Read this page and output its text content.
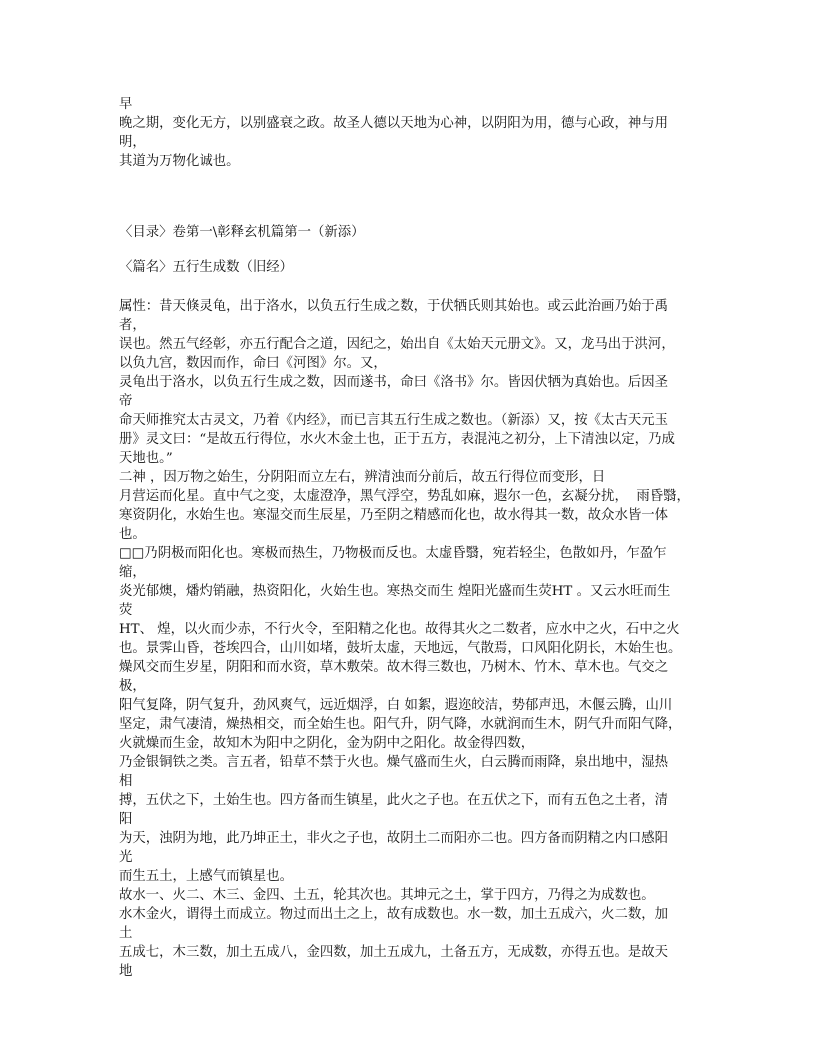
早
晚之期，变化无方，以别盛衰之政。故圣人德以天地为心神，以阴阳为用，德与心政，神与用
明，
其道为万物化诚也。
〈目录〉卷第一\彰释玄机篇第一（新添）
〈篇名〉五行生成数（旧经）
属性：昔天倏灵龟，出于洛水，以负五行生成之数，于伏牺氏则其始也。或云此治画乃始于禹
者，
误也。然五气经彰，亦五行配合之道，因纪之，始出自《太始天元册文》。又，龙马出于洪河，
以负九宫，数因而作，命曰《河图》尔。又，
灵龟出于洛水，以负五行生成之数，因而遂书，命曰《洛书》尔。皆因伏牺为真始也。后因圣
帝
命天师推究太古灵文，乃着《内经》，而已言其五行生成之数也。（新添）又，按《太古天元玉
册》灵文曰：“是故五行得位，水火木金土也，正于五方，表混沌之初分，上下清浊以定，乃成
天地也。”
二神 ，因万物之始生，分阴阳而立左右，辨清浊而分前后，故五行得位而变形，日
月营运而化星。直中气之变，太虚澄净，黑气浮空，势乱如麻，遐尔一色，玄凝分扰，  雨昏翳，
寒资阴化，水始生也。寒湿交而生辰星，乃至阴之精感而化也，故水得其一数，故众水皆一体
也。
□□乃阴极而阳化也。寒极而热生，乃物极而反也。太虚昏翳，宛若轻尘，色散如丹，乍盈乍
缩，
炎光郁燠，燔灼销融，热资阳化，火始生也。寒热交而生 煌阳光盛而生荧HT 。又云水旺而生
荧
HT、 煌，以火而少赤，不行火令，至阳精之化也。故得其火之二数者，应水中之火，石中之火
也。景霁山昏，苍埃四合，山川如堵，鼓圻太虚，天地远，气散焉，口风阳化阴长，木始生也。
燥风交而生岁星，阴阳和而水资，草木敷荣。故木得三数也，乃树木、竹木、草木也。气交之
极，
阳气复降，阴气复升，劲风爽气，远近烟浮，白 如絮，遐迩皎洁，势郁声迅，木偃云腾，山川
坚定，肃气凄清，燥热相交，而全始生也。阳气升，阴气降，水就润而生木，阴气升而阳气降，
火就燥而生金，故知木为阳中之阴化，金为阴中之阳化。故金得四数，
乃金银铜铁之类。言五者，铅草不禁于火也。燥气盛而生火，白云腾而雨降，泉出地中，湿热
相
搏，五伏之下，土始生也。四方备而生镇星，此火之子也。在五伏之下，而有五色之土者，清
阳
为天，浊阴为地，此乃坤正土，非火之子也，故阴土二而阳亦二也。四方备而阴精之内口感阳
光
而生五土，上感气而镇星也。
故水一、火二、木三、金四、土五，轮其次也。其坤元之土，掌于四方，乃得之为成数也。
水木金火，谓得土而成立。物过而出土之上，故有成数也。水一数，加土五成六，火二数，加
土
五成七，木三数，加土五成八，金四数，加土五成九，土备五方，无成数，亦得五也。是故天
地
